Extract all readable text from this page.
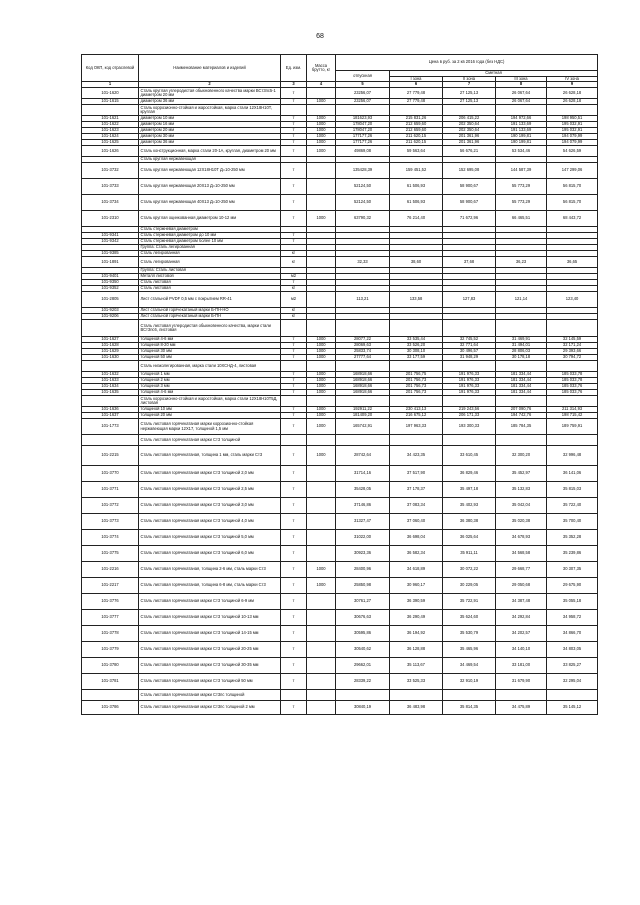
68
Код ОКП, код отраслевой	Наименование материалов и изделий	Ед. изм.	Масса брутто, кг	Цена в руб. за 2 кв 2016 года (без НДС)				
				отпускная	Сметная			
					I зона	II зона	III зона	IV зона
1	2	3	4	5	6	7	8	9
101-1620	Сталь круглая углеродистая обыкновенного качества марки ВСт3пс5-1 диаметром 20 мм	т		23256,07	27 779,48	27 125,13	26 067,64	26 628,18
101-1615	диаметром 36 мм	т	1000	23256,07	27 779,48	27 125,13	26 067,64	26 628,18
	Сталь коррозионно-стойкая и жаростойкая, марка стали 12Х18Н10Т, круглая							
101-1621	диаметром 10 мм	т	1000	181623,93	215 831,26	206 415,22	194 972,66	198 950,51
101-1622	диаметром 16 мм	т	1000	178047,20	212 659,60	202 350,64	191 133,69	195 032,91
101-1623	диаметром 20 мм	т	1000	178047,20	212 659,60	202 350,64	191 133,69	195 032,91
101-1624	диаметром 30 мм	т	1000	177177,26	211 620,15	201 361,96	190 199,81	194 079,99
101-1625	диаметром 36 мм	т	1000	177177,26	211 620,15	201 361,96	190 199,81	194 079,99
101-1626	Сталь конструкционная, марка стали 20-1А, круглая, диаметром 20 мм	т	1000	49869,08	59 563,64	56 676,21	53 534,46	54 626,59
	Сталь круглая нержавеющая							
101-3732	Сталь круглая нержавеющая 12Х18Н10Т Д=10-250 мм	т		135428,39	159 451,52	152 695,08	144 587,39	147 299,06
101-3733	Сталь круглая нержавеющая 20Х13 Д=10-250 мм	т		52124,50	61 506,93	58 900,67	55 773,29	56 815,70
101-3734	Сталь круглая нержавеющая 40Х13 Д=10-250 мм	т		52124,50	61 506,93	58 900,67	55 773,29	56 815,70
101-2310	Сталь круглая оцинкованная диаметром 10-12 мм	т	1000	63790,32	76 214,40	71 672,96	66 465,51	68 443,72
	Сталь стержневая диаметром							
101-9341	Сталь стержневая диаметром до 10 мм	т						
101-9342	Сталь стержневая диаметром более 10 мм	т						
	Группа: Сталь легированная							
101-9385	Сталь легированная	кг						
101-1891	Сталь легированная	кг		32,33	38,60	37,68	36,23	36,65
	Группа: Сталь листовая							
101-9401	Металл листовой	м2						
101-9350	Сталь листовая	т						
101-9352	Сталь листовая	кг						
101-2805	Лист стальной PVDF 0,5 мм с покрытием RR-41	м2		113,21	133,58	127,83	121,14	123,40
101-9203	Лист стальной горячекатаный марки Б-ПН-НО	кг						
101-9206	Лист стальной горячекатаный марки Б-ПН	кг						
	Сталь листовая углеродистая обыкновенного качества, марки стали ВСт3пс6, листовая							
101-1627	толщиной 4-6 мм	т	1000	28077,22	33 535,44	32 745,52	31 469,91	32 145,59
101-1628	толщиной 8-20 мм	т	1000	28069,63	33 526,20	32 771,64	31 494,01	32 171,24
101-1629	толщиной 30 мм	т	1000	25833,74	30 308,10	30 496,57	28 806,03	29 393,66
101-1630	толщиной 50 мм	т	1000	27777,64	33 177,59	31 948,29	30 178,18	30 794,72
	Сталь низколегированная, марка стали 10ХСНД-4, листовая							
101-1632	толщиной 1 мм	т	1000	168918,66	201 756,75	191 976,33	181 334,44	185 033,78
101-1633	толщиной 2 мм	т	1000	168918,66	201 756,73	191 976,33	181 334,44	185 033,78
101-1634	толщиной 3 мм	т	1000	168918,66	201 756,73	191 976,33	181 334,44	185 033,76
101-1635	толщиной 4-6 мм	т	1000	168918,66	201 756,73	191 976,33	181 334,44	185 033,76
	Сталь коррозионно-стойкая и жаростойкая, марка стали 12Х18Н10Т5Д, листовая							
101-1636	толщиной 10 мм	т	1000	192911,22	230 413,13	219 243,56	207 090,76	211 314,93
101-1637	толщиной 20 мм	т	1000	181409,20	216 675,12	206 171,33	194 742,76	198 715,42
101-1773	Сталь листовая горячекатаная марки коррозионно-стойкая нержавеющая марки 12Х17, толщиной 1,5 мм	т	1000	165742,91	197 963,33	193 300,33	185 784,35	189 759,91
	Сталь листовая горячекатаная марки Ст3 толщиной							
101-2215	Сталь листовая горячекатаная, толщина 1 мм, сталь марки Ст3	т	1000	28742,64	34 423,35	33 610,45	32 300,20	32 996,48
101-3770	Сталь листовая горячекатаная марки Ст3 толщиной 2,0 мм	т		31714,16	37 517,90	36 829,46	35 452,97	36 141,06
101-3771	Сталь листовая горячекатаная марки Ст3 толщиной 2,5 мм	т		35428,05	37 178,37	35 497,18	35 132,83	35 815,03
101-3772	Сталь листовая горячекатаная марки Ст3 толщиной 3,0 мм	т		37146,86	37 083,34	35 402,93	35 042,04	35 722,40
101-3773	Сталь листовая горячекатаная марки Ст3 толщиной 4,0 мм	т		31327,47	37 060,40	36 380,38	35 020,38	35 700,40
101-3774	Сталь листовая горячекатаная марки Ст3 толщиной 5,0 мм	т		31022,00	36 698,04	36 025,64	34 678,93	35 352,28
101-3775	Сталь листовая горячекатаная марки Ст3 толщиной 6,0 мм	т		30923,36	36 582,34	35 911,11	34 568,58	35 239,86
101-2216	Сталь листовая горячекатаная, толщина 2-6 мм, сталь марки Ст3	т	1000	28400,96	34 618,89	30 072,22	29 668,77	30 307,35
101-2217	Сталь листовая горячекатаная, толщина 6-8 мм, сталь марки Ст3	т	1000	25850,98	30 960,17	30 229,05	29 050,68	29 675,90
101-3776	Сталь листовая горячекатаная марки Ст3 толщиной 6-9 мм	т		30761,27	36 390,59	35 722,91	34 387,48	35 055,18
101-3777	Сталь листовая горячекатаная марки Ст3 толщиной 10-13 мм	т		30676,63	36 290,49	35 624,60	34 292,84	34 958,72
101-3778	Сталь листовая горячекатаная марки Ст3 толщиной 14-15 мм	т		30595,86	36 194,92	35 530,79	34 202,57	34 866,70
101-3779	Сталь листовая горячекатаная марки Ст3 толщиной 20-25 мм	т		30540,62	36 128,88	35 465,96	34 140,10	34 803,05
101-3780	Сталь листовая горячекатаная марки Ст3 толщиной 30-35 мм	т		29662,01	35 113,67	34 469,54	33 181,00	33 825,27
101-3781	Сталь листовая горячекатаная марки Ст3 толщиной 50 мм	т		28339,22	33 525,33	32 910,19	31 679,90	32 295,04
	Сталь листовая горячекатаная марки Ст3пс толщиной							
101-3786	Сталь листовая горячекатаная марки Ст3пс толщиной 2 мм	т		30840,19	36 483,98	35 814,35	34 475,89	35 145,12
